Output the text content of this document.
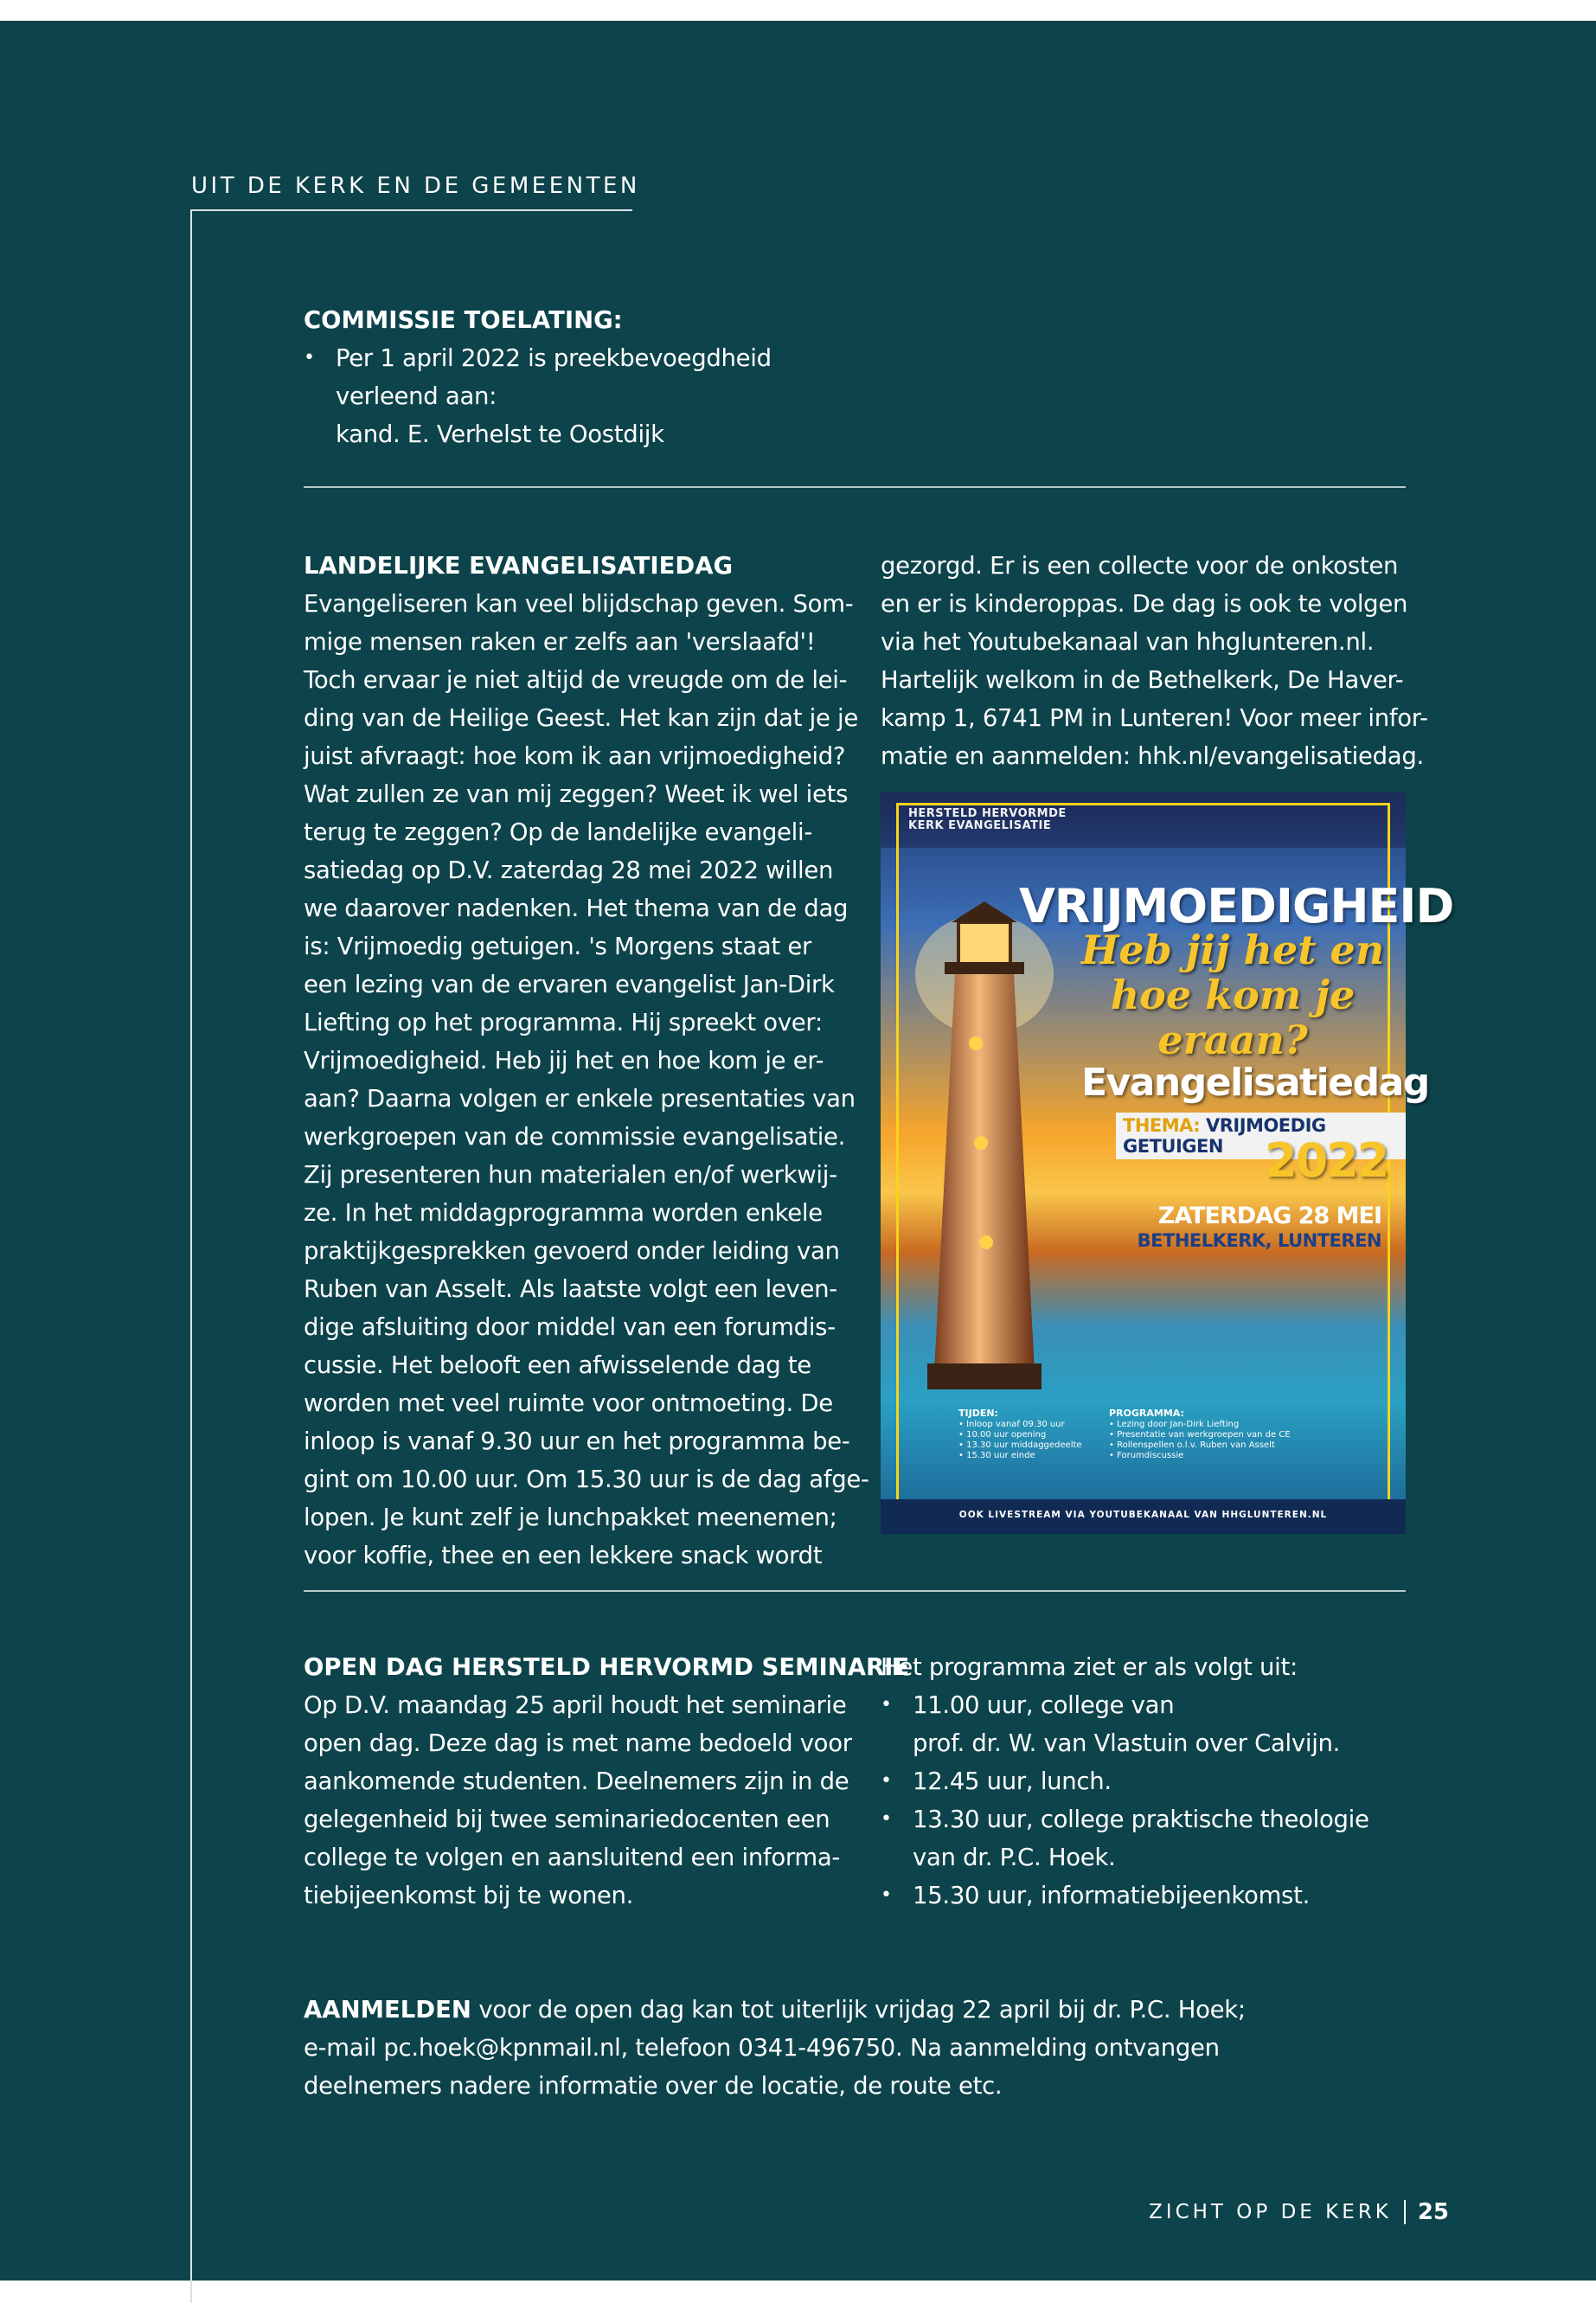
UIT DE KERK EN DE GEMEENTEN
COMMISSIE TOELATING:
• Per 1 april 2022 is preekbevoegdheid
verleend aan:
kand. E. Verhelst te Oostdijk
LANDELIJKE EVANGELISATIEDAG

Evangeliseren kan veel blijdschap geven. Som-

mige mensen raken er zelfs aan 'verslaafd'!

Toch ervaar je niet altijd de vreugde om de lei-

ding van de Heilige Geest. Het kan zijn dat je je

juist afvraagt: hoe kom ik aan vrijmoedigheid?

Wat zullen ze van mij zeggen? Weet ik wel iets

terug te zeggen? Op de landelijke evangeli-

satiedag op D.V. zaterdag 28 mei 2022 willen

we daarover nadenken. Het thema van de dag

is: Vrijmoedig getuigen. 's Morgens staat er

een lezing van de ervaren evangelist Jan-Dirk

Liefting op het programma. Hij spreekt over:

Vrijmoedigheid. Heb jij het en hoe kom je er-

aan? Daarna volgen er enkele presentaties van

werkgroepen van de commissie evangelisatie.

Zij presenteren hun materialen en/of werkwij-

ze. In het middagprogramma worden enkele

praktijkgesprekken gevoerd onder leiding van

Ruben van Asselt. Als laatste volgt een leven-

dige afsluiting door middel van een forumdis-

cussie. Het belooft een afwisselende dag te

worden met veel ruimte voor ontmoeting. De

inloop is vanaf 9.30 uur en het programma be-

gint om 10.00 uur. Om 15.30 uur is de dag afge-

lopen. Je kunt zelf je lunchpakket meenemen;

voor koffie, thee en een lekkere snack wordt

gezorgd. Er is een collecte voor de onkosten

en er is kinderoppas. De dag is ook te volgen

via het Youtubekanaal van hhglunteren.nl.

Hartelijk welkom in de Bethelkerk, De Haver-

kamp 1, 6741 PM in Lunteren! Voor meer infor-

matie en aanmelden: hhk.nl/evangelisatiedag.

HERSTELD HERVORMDE
KERK EVANGELISATIE
VRIJMOEDIGHEID
Heb jij het en
hoe kom je eraan?
Evangelisatiedag
THEMA: VRIJMOEDIG GETUIGEN 2022
ZATERDAG 28 MEI
BETHELKERK, LUNTEREN
TIJDEN:
• Inloop vanaf 09.30 uur
• 10.00 uur opening
• 13.30 uur middaggedeelte
• 15.30 uur einde
PROGRAMMA:
• Lezing door Jan-Dirk Liefting
• Presentatie van werkgroepen van de CE
• Rollenspellen o.l.v. Ruben van Asselt
• Forumdiscussie
OOK LIVESTREAM VIA YOUTUBEKANAAL VAN HHGLUNTEREN.NL
OPEN DAG HERSTELD HERVORMD SEMINARIE

Op D.V. maandag 25 april houdt het seminarie

open dag. Deze dag is met name bedoeld voor

aankomende studenten. Deelnemers zijn in de

gelegenheid bij twee seminariedocenten een

college te volgen en aansluitend een informa-

tiebijeenkomst bij te wonen.

Het programma ziet er als volgt uit:
• 11.00 uur, college van
prof. dr. W. van Vlastuin over Calvijn.
• 12.45 uur, lunch.
• 13.30 uur, college praktische theologie
van dr. P.C. Hoek.
• 15.30 uur, informatiebijeenkomst.

AANMELDEN voor de open dag kan tot uiterlijk vrijdag 22 april bij dr. P.C. Hoek;

e-mail pc.hoek@kpnmail.nl, telefoon 0341-496750. Na aanmelding ontvangen

deelnemers nadere informatie over de locatie, de route etc.

ZICHT OP DE KERK 25
